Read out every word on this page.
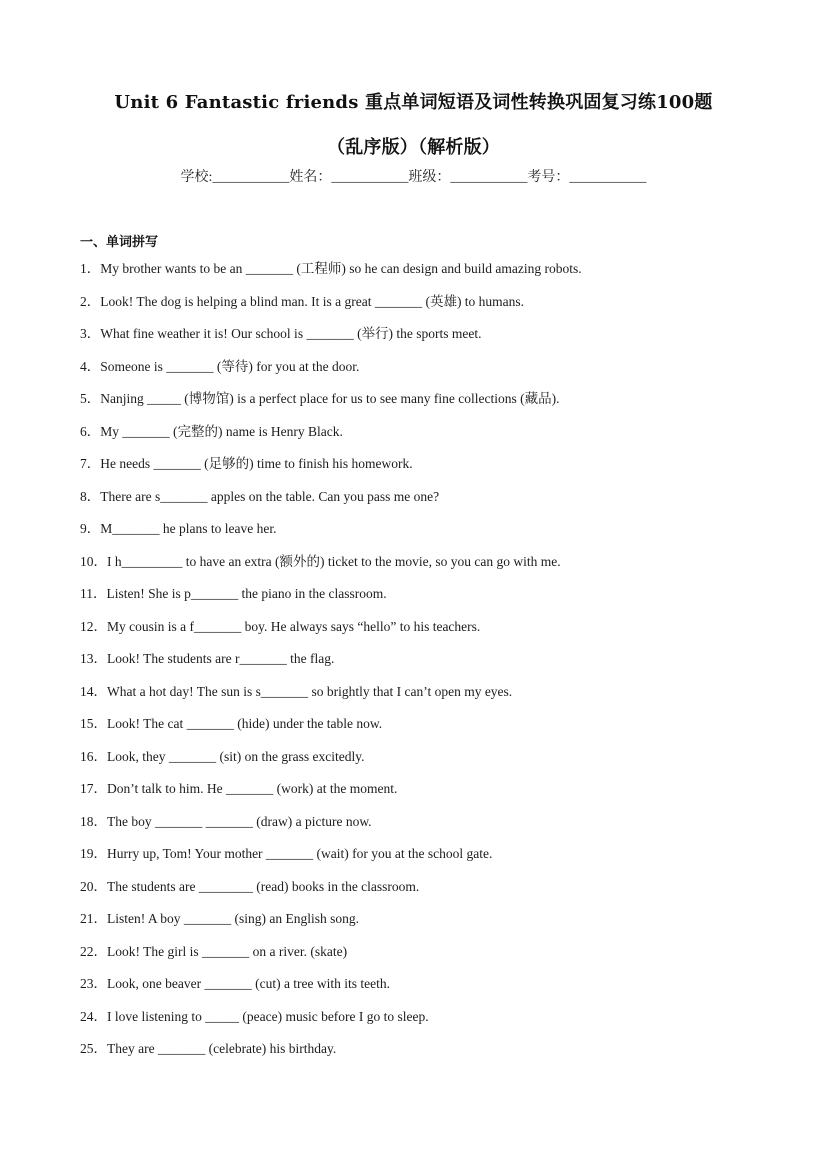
Unit 6 Fantastic friends 重点单词短语及词性转换巩固复习练100题
（乱序版）（解析版）
学校:___________姓名：___________班级：___________考号：___________
一、单词拼写
1．My brother wants to be an _______ (工程师) so he can design and build amazing robots.
2．Look! The dog is helping a blind man. It is a great _______ (英雄) to humans.
3．What fine weather it is! Our school is _______ (举行) the sports meet.
4．Someone is _______ (等待) for you at the door.
5．Nanjing _____ (博物馆) is a perfect place for us to see many fine collections (藏品).
6．My _______ (完整的) name is Henry Black.
7．He needs _______ (足够的) time to finish his homework.
8．There are s_______ apples on the table. Can you pass me one?
9．M_______ he plans to leave her.
10．I h_________ to have an extra (额外的) ticket to the movie, so you can go with me.
11．Listen! She is p_______ the piano in the classroom.
12．My cousin is a f_______ boy. He always says “hello” to his teachers.
13．Look! The students are r_______ the flag.
14．What a hot day! The sun is s_______ so brightly that I can’t open my eyes.
15．Look! The cat _______ (hide) under the table now.
16．Look, they _______ (sit) on the grass excitedly.
17．Don’t talk to him. He _______ (work) at the moment.
18．The boy _______ _______ (draw) a picture now.
19．Hurry up, Tom! Your mother _______ (wait) for you at the school gate.
20．The students are ________ (read) books in the classroom.
21．Listen! A boy _______ (sing) an English song.
22．Look! The girl is _______ on a river. (skate)
23．Look, one beaver _______ (cut) a tree with its teeth.
24．I love listening to _____ (peace) music before I go to sleep.
25．They are _______ (celebrate) his birthday.
